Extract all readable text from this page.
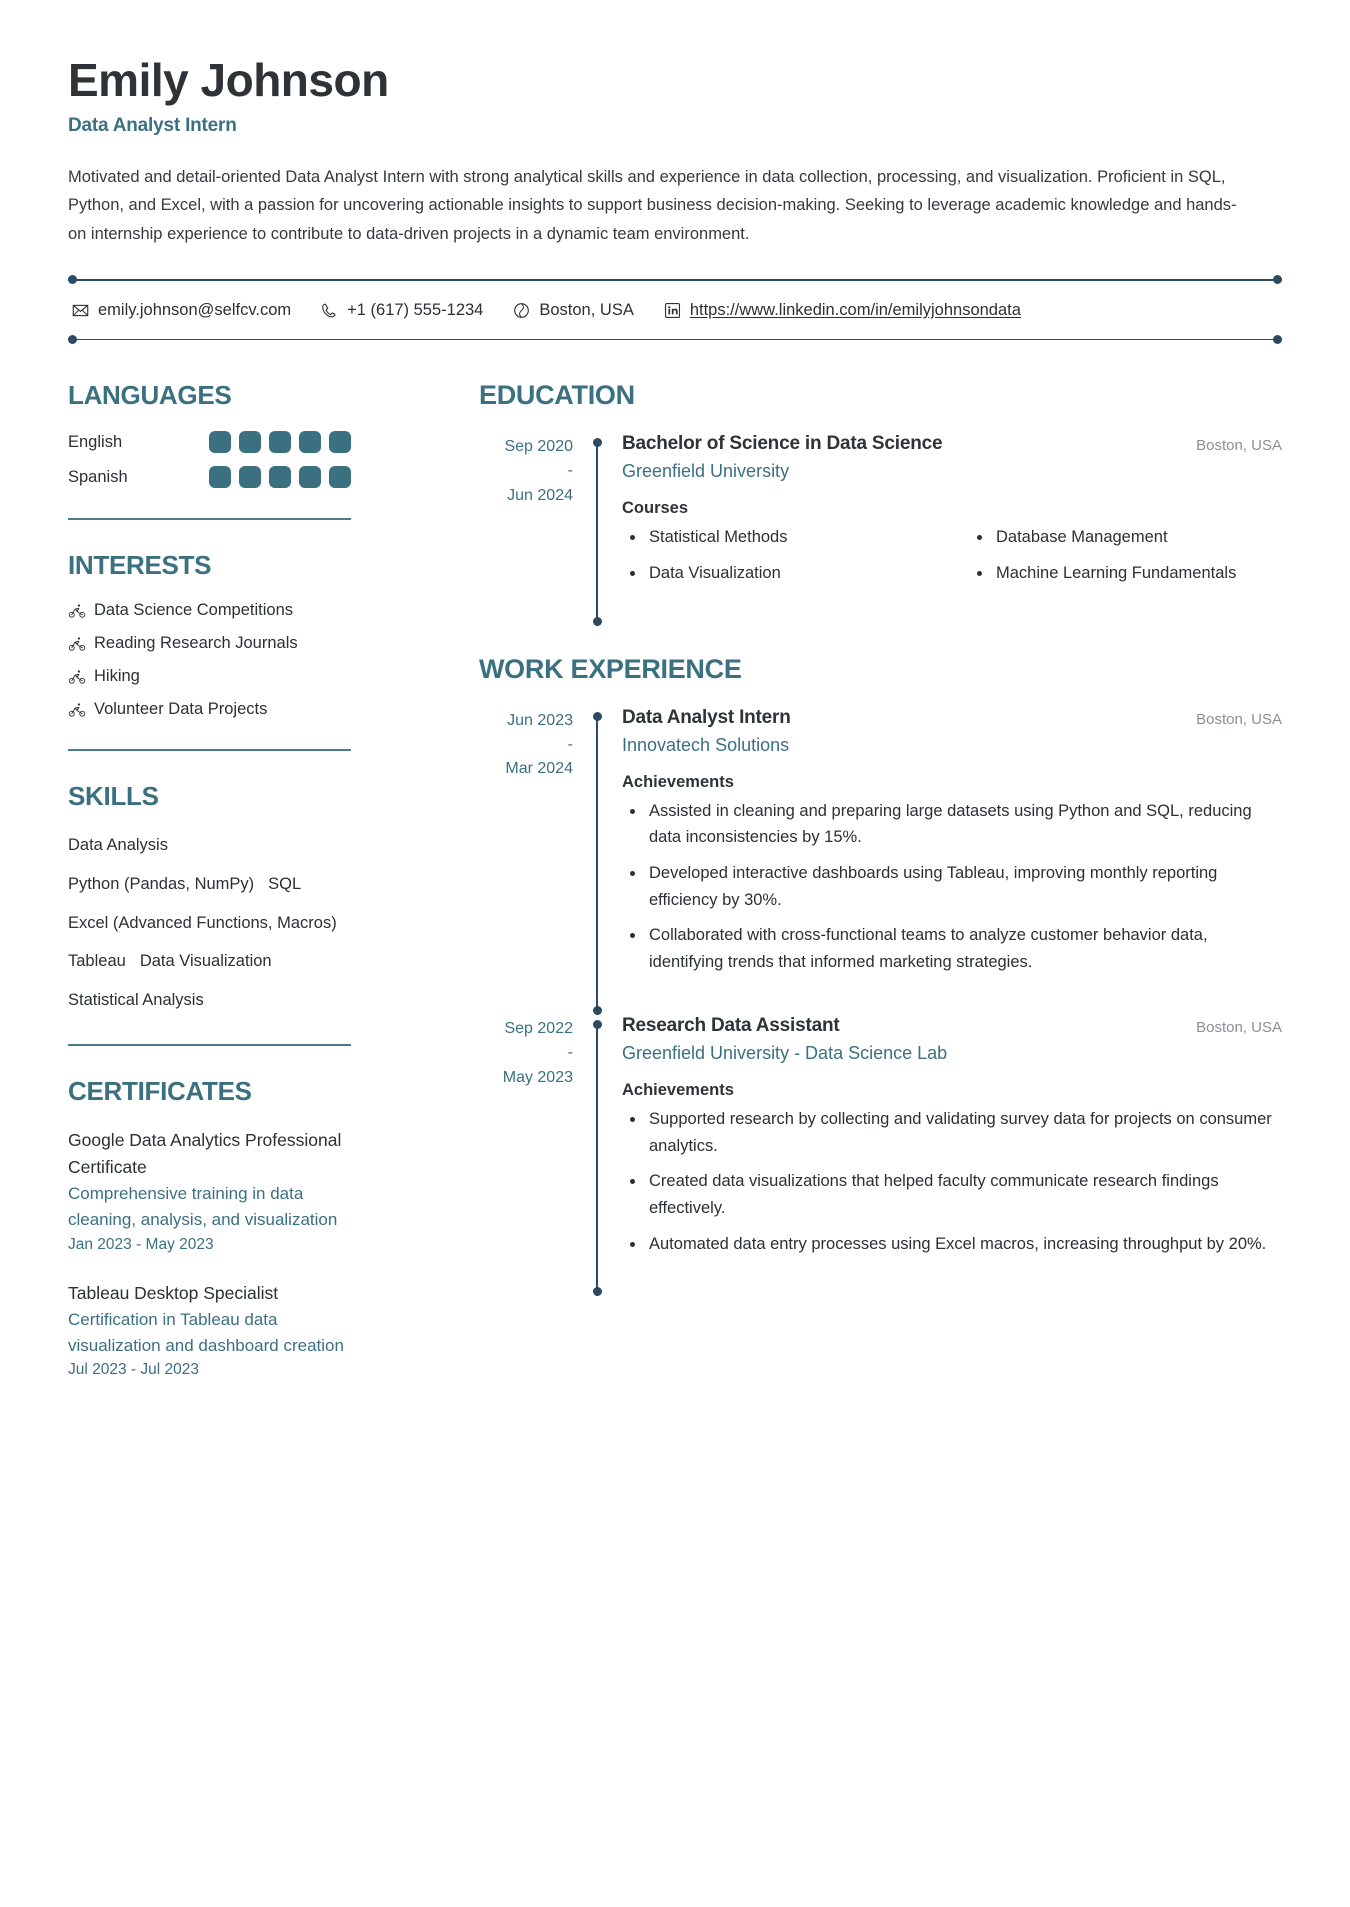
Emily Johnson
Data Analyst Intern
Motivated and detail-oriented Data Analyst Intern with strong analytical skills and experience in data collection, processing, and visualization. Proficient in SQL, Python, and Excel, with a passion for uncovering actionable insights to support business decision-making. Seeking to leverage academic knowledge and hands-on internship experience to contribute to data-driven projects in a dynamic team environment.
emily.johnson@selfcv.com	+1 (617) 555-1234	Boston, USA	https://www.linkedin.com/in/emilyjohnsondata
LANGUAGES
English
Spanish
INTERESTS
Data Science Competitions
Reading Research Journals
Hiking
Volunteer Data Projects
SKILLS
Data Analysis
Python (Pandas, NumPy) SQL
Excel (Advanced Functions, Macros)
Tableau Data Visualization
Statistical Analysis
CERTIFICATES
Google Data Analytics Professional Certificate
Comprehensive training in data cleaning, analysis, and visualization
Jan 2023 - May 2023
Tableau Desktop Specialist
Certification in Tableau data visualization and dashboard creation
Jul 2023 - Jul 2023
EDUCATION
Sep 2020
-
Jun 2024
Bachelor of Science in Data Science	Boston, USA
Greenfield University
Courses
Statistical Methods	Database Management
Data Visualization	Machine Learning Fundamentals
WORK EXPERIENCE
Jun 2023
-
Mar 2024
Data Analyst Intern	Boston, USA
Innovatech Solutions
Achievements
Assisted in cleaning and preparing large datasets using Python and SQL, reducing data inconsistencies by 15%.
Developed interactive dashboards using Tableau, improving monthly reporting efficiency by 30%.
Collaborated with cross-functional teams to analyze customer behavior data, identifying trends that informed marketing strategies.
Sep 2022
-
May 2023
Research Data Assistant	Boston, USA
Greenfield University - Data Science Lab
Achievements
Supported research by collecting and validating survey data for projects on consumer analytics.
Created data visualizations that helped faculty communicate research findings effectively.
Automated data entry processes using Excel macros, increasing throughput by 20%.
